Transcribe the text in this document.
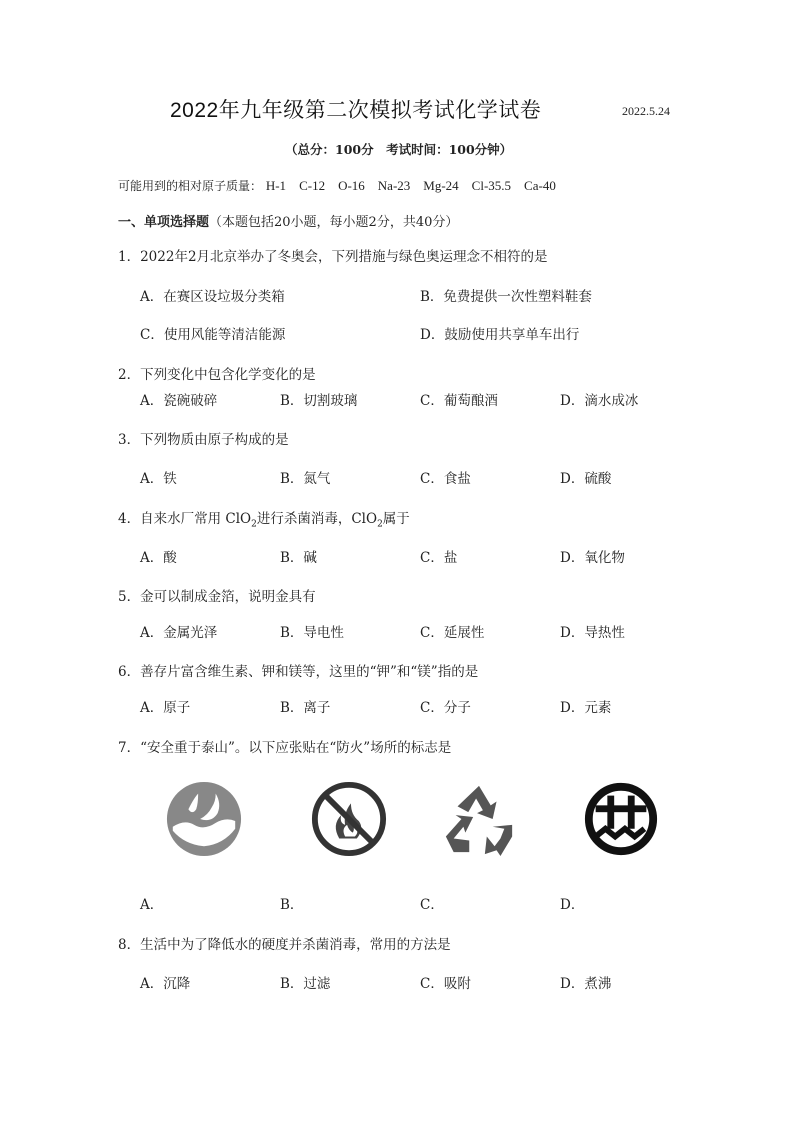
2022年九年级第二次模拟考试化学试卷	2022.5.24
（总分：100分　考试时间：100分钟）
可能用到的相对原子质量： H-1 C-12 O-16 Na-23 Mg-24 Cl-35.5 Ca-40
一、单项选择题（本题包括20小题，每小题2分，共40分）
1．2022年2月北京举办了冬奥会，下列措施与绿色奥运理念不相符的是
A．在赛区设垃圾分类箱	B．免费提供一次性塑料鞋套
C．使用风能等清洁能源	D．鼓励使用共享单车出行
2．下列变化中包含化学变化的是
A．瓷碗破碎	B．切割玻璃	C．葡萄酿酒	D．滴水成冰
3．下列物质由原子构成的是
A．铁	B．氮气	C．食盐	D．硫酸
4．自来水厂常用 ClO$_2$进行杀菌消毒，ClO$_2$属于
A．酸	B．碱	C．盐	D．氧化物
5．金可以制成金箔，说明金具有
A．金属光泽	B．导电性	C．延展性	D．导热性
6．善存片富含维生素、钾和镁等，这里的“钾”和“镁”指的是
A．原子	B．离子	C．分子	D．元素
7．“安全重于泰山”。以下应张贴在“防火”场所的标志是
A．	B．	C．	D．
8．生活中为了降低水的硬度并杀菌消毒，常用的方法是
A．沉降	B．过滤	C．吸附	D．煮沸
